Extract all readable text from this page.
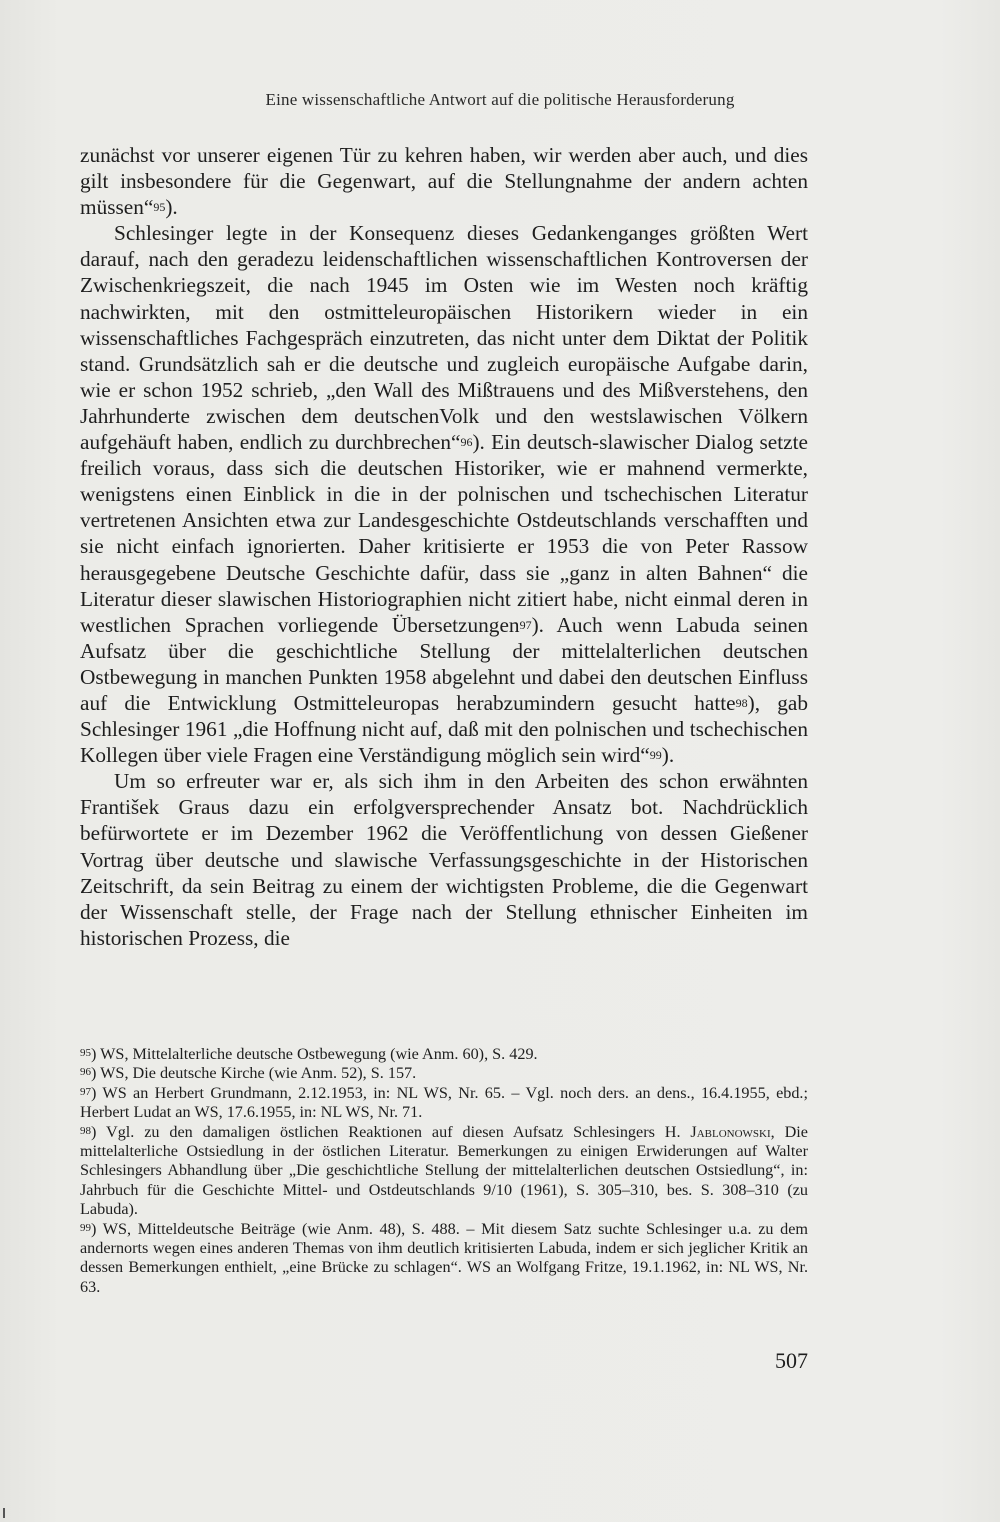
Eine wissenschaftliche Antwort auf die politische Herausforderung

zunächst vor unserer eigenen Tür zu kehren haben, wir werden aber auch, und dies gilt insbesondere für die Gegenwart, auf die Stellungnahme der andern achten müssen“95).

Schlesinger legte in der Konsequenz dieses Gedankenganges größten Wert darauf, nach den geradezu leidenschaftlichen wissenschaftlichen Kontroversen der Zwischenkriegszeit, die nach 1945 im Osten wie im Westen noch kräftig nachwirkten, mit den ostmitteleuropäischen Historikern wieder in ein wissenschaftliches Fachgespräch einzutreten, das nicht unter dem Diktat der Politik stand. Grundsätzlich sah er die deutsche und zugleich europäische Aufgabe darin, wie er schon 1952 schrieb, „den Wall des Mißtrauens und des Mißverstehens, den Jahrhunderte zwischen dem deutschenVolk und den westslawischen Völkern aufgehäuft haben, endlich zu durchbrechen“96). Ein deutsch-slawischer Dialog setzte freilich voraus, dass sich die deutschen Historiker, wie er mahnend vermerkte, wenigstens einen Einblick in die in der polnischen und tschechischen Literatur vertretenen Ansichten etwa zur Landesgeschichte Ostdeutschlands verschafften und sie nicht einfach ignorierten. Daher kritisierte er 1953 die von Peter Rassow herausgegebene Deutsche Geschichte dafür, dass sie „ganz in alten Bahnen“ die Literatur dieser slawischen Historiographien nicht zitiert habe, nicht einmal deren in westlichen Sprachen vorliegende Übersetzungen97). Auch wenn Labuda seinen Aufsatz über die geschichtliche Stellung der mittelalterlichen deutschen Ostbewegung in manchen Punkten 1958 abgelehnt und dabei den deutschen Einfluss auf die Entwicklung Ostmitteleuropas herabzumindern gesucht hatte98), gab Schlesinger 1961 „die Hoffnung nicht auf, daß mit den polnischen und tschechischen Kollegen über viele Fragen eine Verständigung möglich sein wird“99).

Um so erfreuter war er, als sich ihm in den Arbeiten des schon erwähnten František Graus dazu ein erfolgversprechender Ansatz bot. Nachdrücklich befürwortete er im Dezember 1962 die Veröffentlichung von dessen Gießener Vortrag über deutsche und slawische Verfassungsgeschichte in der Historischen Zeitschrift, da sein Beitrag zu einem der wichtigsten Probleme, die die Gegenwart der Wissenschaft stelle, der Frage nach der Stellung ethnischer Einheiten im historischen Prozess, die

95) WS, Mittelalterliche deutsche Ostbewegung (wie Anm. 60), S. 429.

96) WS, Die deutsche Kirche (wie Anm. 52), S. 157.

97) WS an Herbert Grundmann, 2.12.1953, in: NL WS, Nr. 65. – Vgl. noch ders. an dens., 16.4.1955, ebd.; Herbert Ludat an WS, 17.6.1955, in: NL WS, Nr. 71.

98) Vgl. zu den damaligen östlichen Reaktionen auf diesen Aufsatz Schlesingers H. Jablonowski, Die mittelalterliche Ostsiedlung in der östlichen Literatur. Bemerkungen zu einigen Erwiderungen auf Walter Schlesingers Abhandlung über „Die geschichtliche Stellung der mittelalterlichen deutschen Ostsiedlung“, in: Jahrbuch für die Geschichte Mittel- und Ostdeutschlands 9/10 (1961), S. 305–310, bes. S. 308–310 (zu Labuda).

99) WS, Mitteldeutsche Beiträge (wie Anm. 48), S. 488. – Mit diesem Satz suchte Schlesinger u.a. zu dem andernorts wegen eines anderen Themas von ihm deutlich kritisierten Labuda, indem er sich jeglicher Kritik an dessen Bemerkungen enthielt, „eine Brücke zu schlagen“. WS an Wolfgang Fritze, 19.1.1962, in: NL WS, Nr. 63.

507
